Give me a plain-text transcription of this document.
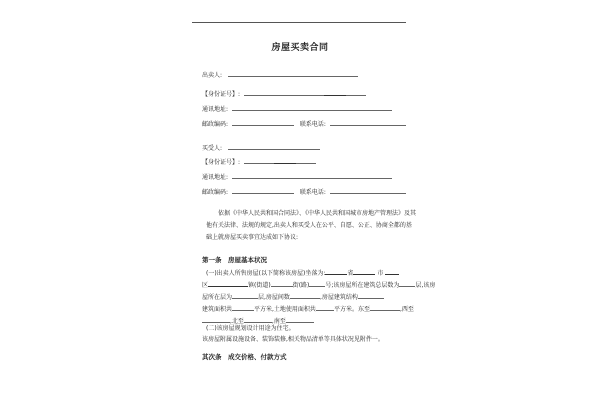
房屋买卖合同
出卖人:
【身份证号】:
通讯地址:
邮政编码:	联系电话:
买受人:
【身份证号】:
通讯地址:
邮政编码:	联系电话:
依据《中华人民共和国合同法》、《中华人民共和国城市房地产管理法》及其他有关法律、法规的规定,出卖人和买受人在公平、自愿、公正、协商全都的基础上就房屋买卖事宜达成如下协议:
第一条　房屋基本状况
(一)出卖人所售房屋(以下简称该房屋)坐落为:	省	市
区	镇(街道)	街(路)	号;该房屋所在建筑总层数为	层,该房
屋所在层为	层,房屋间数	,房屋建筑结构
建筑面积共	平方米,土地使用面积共	平方米。东至	,西至
,北至	,南至
(二)该房屋规划设计用途为住宅。
该房屋附属设施设备、装饰装修,相关物品清单等具体状况见附件一。
其次条　成交价格、付款方式
